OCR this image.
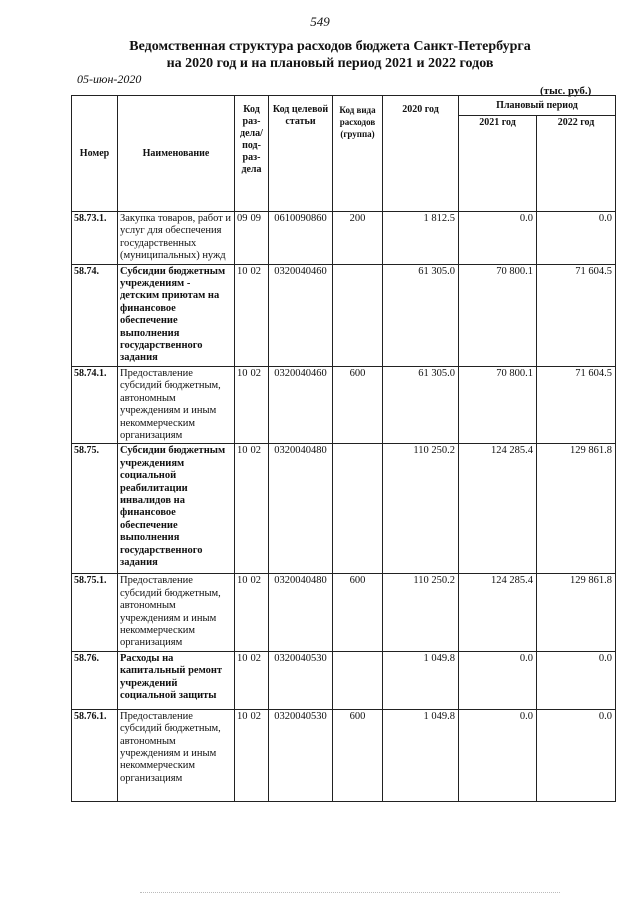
549
Ведомственная структура расходов бюджета Санкт-Петербурга
на 2020 год и на плановый период 2021 и 2022 годов
05-июн-2020
(тыс. руб.)
Номер	Наименование	Код раз-дела/ под-раз-дела	Код целевой статьи	Код вида расходов (группа)	2020 год	Плановый период	
						2021 год	2022 год
58.73.1.	Закупка товаров, работ и услуг для обеспечения государственных (муниципальных) нужд	09 09	0610090860	200	1 812.5	0.0	0.0
58.74.	Субсидии бюджетным учреждениям - детским приютам на финансовое обеспечение выполнения государственного задания	10 02	0320040460		61 305.0	70 800.1	71 604.5
58.74.1.	Предоставление субсидий бюджетным, автономным учреждениям и иным некоммерческим организациям	10 02	0320040460	600	61 305.0	70 800.1	71 604.5
58.75.	Субсидии бюджетным учреждениям социальной реабилитации инвалидов на финансовое обеспечение выполнения государственного задания	10 02	0320040480		110 250.2	124 285.4	129 861.8
58.75.1.	Предоставление субсидий бюджетным, автономным учреждениям и иным некоммерческим организациям	10 02	0320040480	600	110 250.2	124 285.4	129 861.8
58.76.	Расходы на капитальный ремонт учреждений социальной защиты	10 02	0320040530		1 049.8	0.0	0.0
58.76.1.	Предоставление субсидий бюджетным, автономным учреждениям и иным некоммерческим организациям	10 02	0320040530	600	1 049.8	0.0	0.0
